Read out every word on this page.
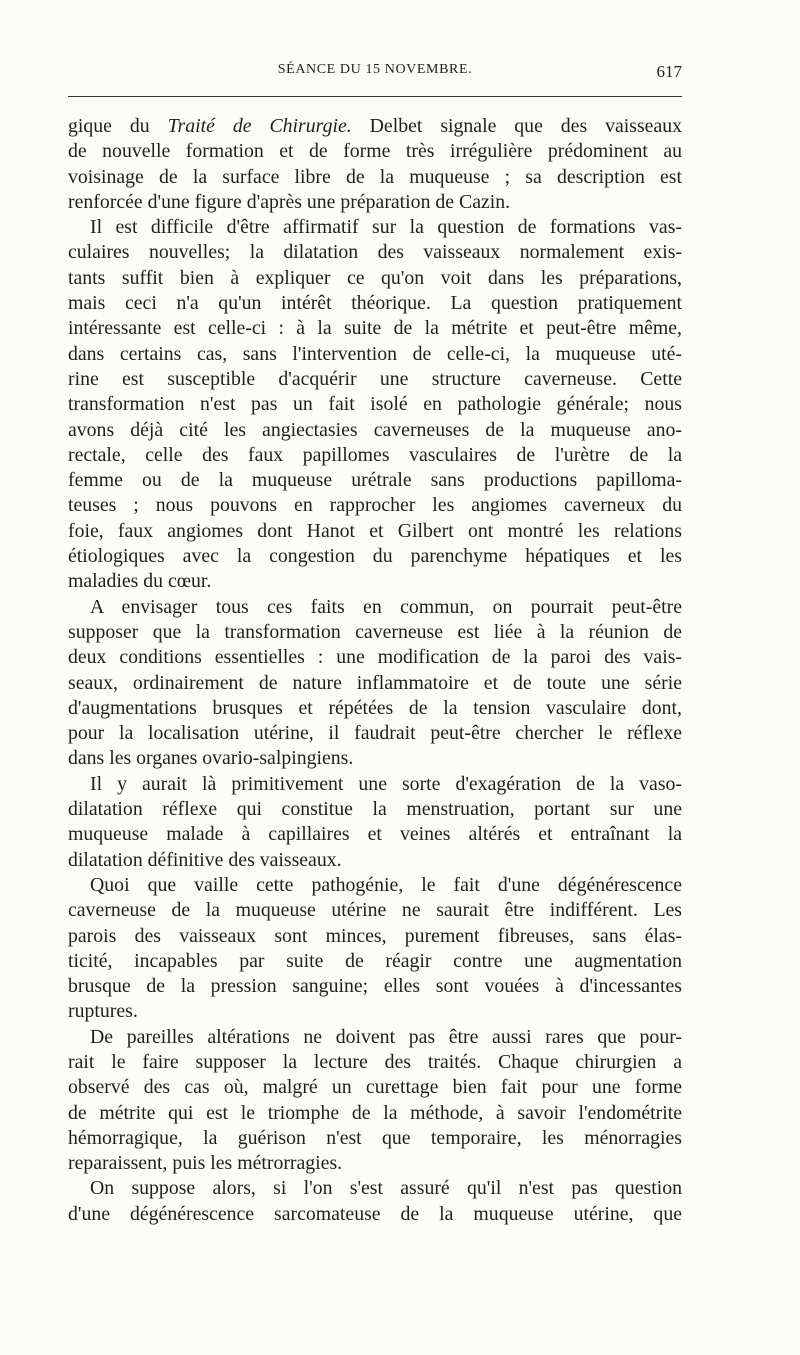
SÉANCE DU 15 NOVEMBRE.	617
gique du Traité de Chirurgie. Delbet signale que des vaisseaux
de nouvelle formation et de forme très irrégulière prédominent au
voisinage de la surface libre de la muqueuse ; sa description est
renforcée d'une figure d'après une préparation de Cazin.
Il est difficile d'être affirmatif sur la question de formations vas-
culaires nouvelles; la dilatation des vaisseaux normalement exis-
tants suffit bien à expliquer ce qu'on voit dans les préparations,
mais ceci n'a qu'un intérêt théorique. La question pratiquement
intéressante est celle-ci : à la suite de la métrite et peut-être même,
dans certains cas, sans l'intervention de celle-ci, la muqueuse uté-
rine est susceptible d'acquérir une structure caverneuse. Cette
transformation n'est pas un fait isolé en pathologie générale; nous
avons déjà cité les angiectasies caverneuses de la muqueuse ano-
rectale, celle des faux papillomes vasculaires de l'urètre de la
femme ou de la muqueuse urétrale sans productions papilloma-
teuses ; nous pouvons en rapprocher les angiomes caverneux du
foie, faux angiomes dont Hanot et Gilbert ont montré les relations
étiologiques avec la congestion du parenchyme hépatiques et les
maladies du cœur.
A envisager tous ces faits en commun, on pourrait peut-être
supposer que la transformation caverneuse est liée à la réunion de
deux conditions essentielles : une modification de la paroi des vais-
seaux, ordinairement de nature inflammatoire et de toute une série
d'augmentations brusques et répétées de la tension vasculaire dont,
pour la localisation utérine, il faudrait peut-être chercher le réflexe
dans les organes ovario-salpingiens.
Il y aurait là primitivement une sorte d'exagération de la vaso-
dilatation réflexe qui constitue la menstruation, portant sur une
muqueuse malade à capillaires et veines altérés et entraînant la
dilatation définitive des vaisseaux.
Quoi que vaille cette pathogénie, le fait d'une dégénérescence
caverneuse de la muqueuse utérine ne saurait être indifférent. Les
parois des vaisseaux sont minces, purement fibreuses, sans élas-
ticité, incapables par suite de réagir contre une augmentation
brusque de la pression sanguine; elles sont vouées à d'incessantes
ruptures.
De pareilles altérations ne doivent pas être aussi rares que pour-
rait le faire supposer la lecture des traités. Chaque chirurgien a
observé des cas où, malgré un curettage bien fait pour une forme
de métrite qui est le triomphe de la méthode, à savoir l'endométrite
hémorragique, la guérison n'est que temporaire, les ménorragies
reparaissent, puis les métrorragies.
On suppose alors, si l'on s'est assuré qu'il n'est pas question
d'une dégénérescence sarcomateuse de la muqueuse utérine, que
